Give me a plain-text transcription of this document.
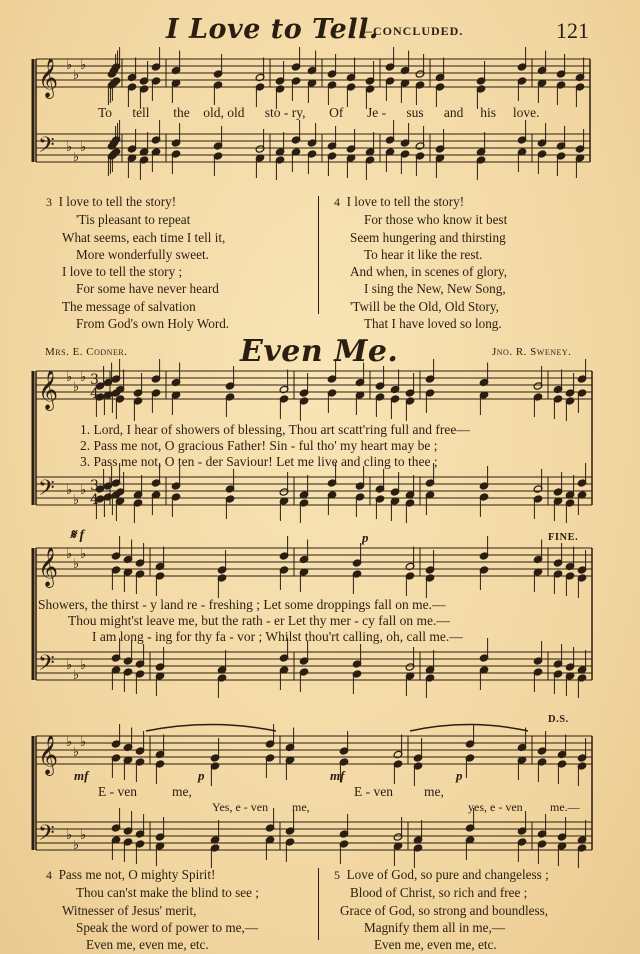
I Love to Tell.
—CONCLUDED.	121
𝄞
𝄢
♭
♭
♭
♭
♭
♭
𝄞
𝄢
♭
♭
♭
♭
♭
♭
3
4
3
4
𝄞
𝄢
♭
♭
♭
♭
♭
♭
𝄞
𝄢
♭
♭
♭
♭
♭
♭
To tell the old, old sto - ry, Of Je - sus and his love.
3 I love to tell the story!
'Tis pleasant to repeat
What seems, each time I tell it,
More wonderfully sweet.
I love to tell the story ;
For some have never heard
The message of salvation
From God's own Holy Word.
4 I love to tell the story!
For those who know it best
Seem hungering and thirsting
To hear it like the rest.
And when, in scenes of glory,
I sing the New, New Song,
'Twill be the Old, Old Story,
That I have loved so long.
Mrs. E. Codner.	Even Me.	Jno. R. Sweney.
1. Lord, I hear of showers of blessing, Thou art scatt'ring full and free—
2. Pass me not, O gracious Father! Sin - ful tho' my heart may be ;
3. Pass me not, O ten - der Saviour! Let me live and cling to thee ;
𝄋 f	p	FINE.
Showers, the thirst - y land re - freshing ; Let some droppings fall on me.—
Thou might'st leave me, but the rath - er Let thy mer - cy fall on me.—
I am long - ing for thy fa - vor ; Whilst thou'rt calling, oh, call me.—
D.S.
mf	p	mf	p
E - ven	me,	E - ven me,
Yes, e - ven me,	yes, e - ven me.—
4 Pass me not, O mighty Spirit!
Thou can'st make the blind to see ;
Witnesser of Jesus' merit,
Speak the word of power to me,—
Even me, even me, etc.
5 Love of God, so pure and changeless ;
Blood of Christ, so rich and free ;
Grace of God, so strong and boundless,
Magnify them all in me,—
Even me, even me, etc.
